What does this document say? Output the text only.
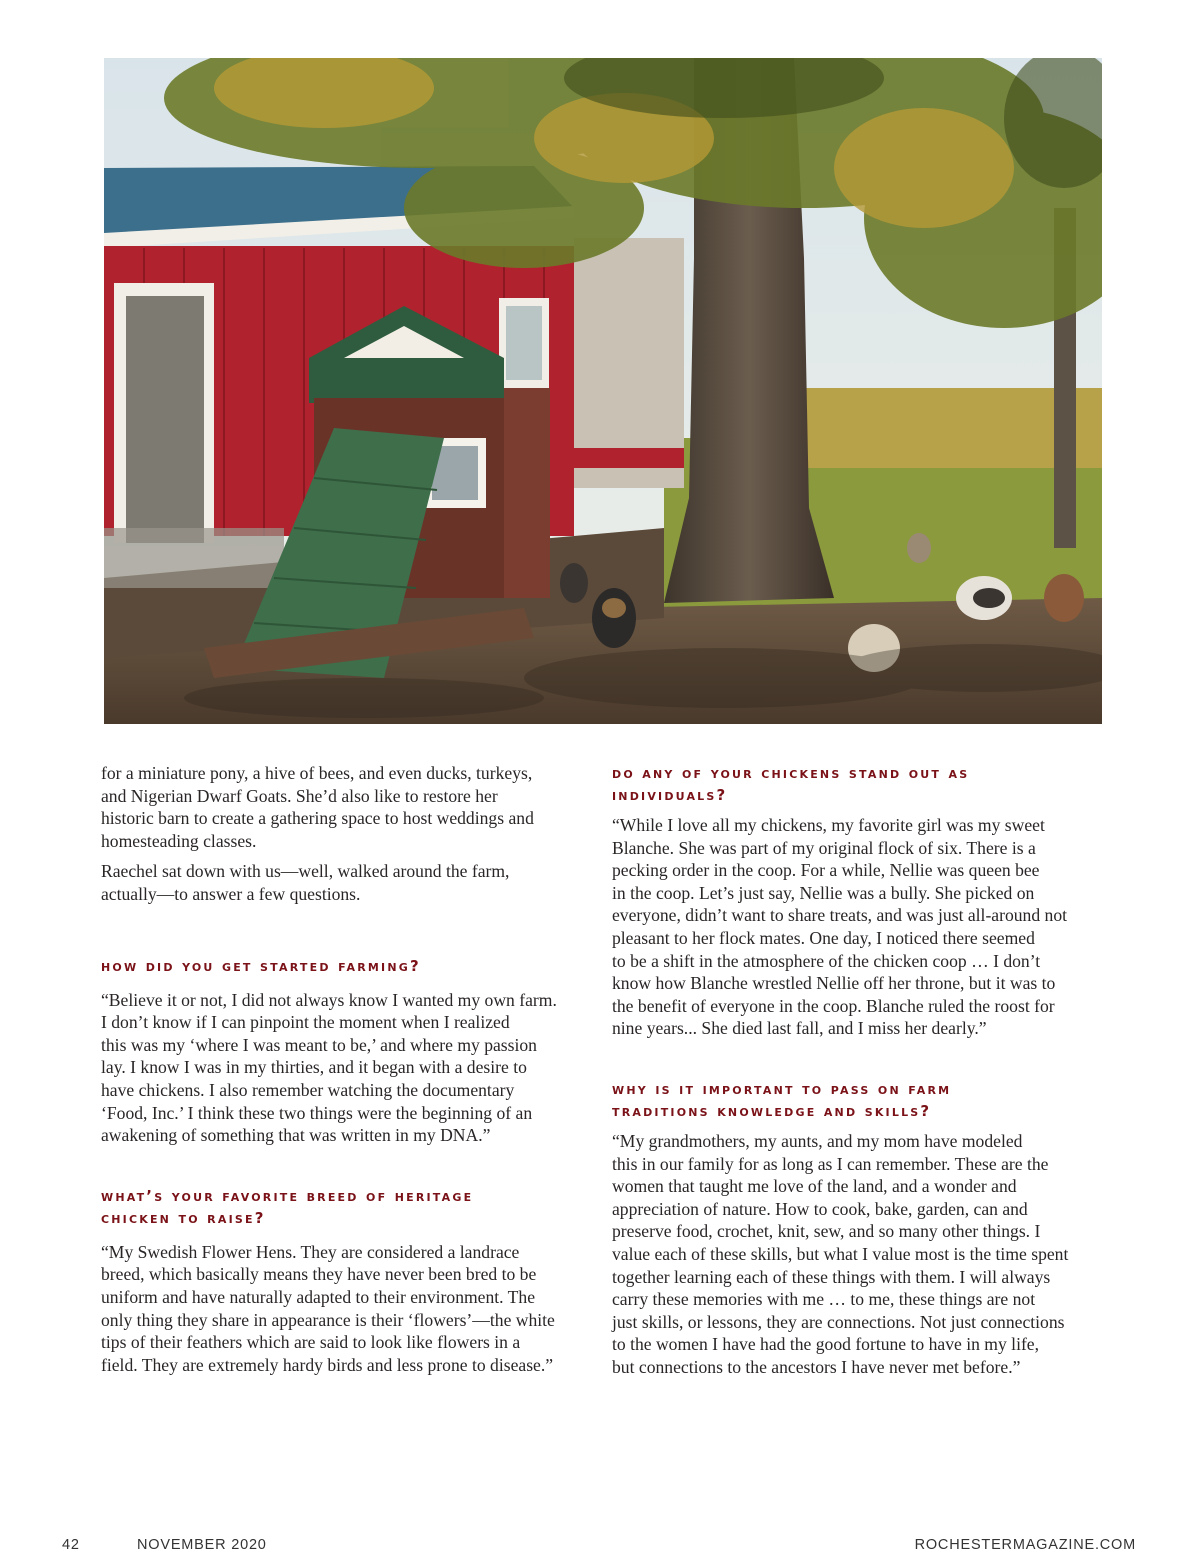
for a miniature pony, a hive of bees, and even ducks, turkeys,
and Nigerian Dwarf Goats. She’d also like to restore her
historic barn to create a gathering space to host weddings and
homesteading classes.

Raechel sat down with us—well, walked around the farm,
actually—to answer a few questions.

how did you get started farming?

“Believe it or not, I did not always know I wanted my own farm.
I don’t know if I can pinpoint the moment when I realized
this was my ‘where I was meant to be,’ and where my passion
lay. I know I was in my thirties, and it began with a desire to
have chickens. I also remember watching the documentary
‘Food, Inc.’ I think these two things were the beginning of an
awakening of something that was written in my DNA.”

what’s your favorite breed of heritage
chicken to raise?

“My Swedish Flower Hens. They are considered a landrace
breed, which basically means they have never been bred to be
uniform and have naturally adapted to their environment. The
only thing they share in appearance is their ‘flowers’—the white
tips of their feathers which are said to look like flowers in a
field. They are extremely hardy birds and less prone to disease.”

do any of your chickens stand out as
individuals?

“While I love all my chickens, my favorite girl was my sweet
Blanche. She was part of my original flock of six. There is a
pecking order in the coop. For a while, Nellie was queen bee
in the coop. Let’s just say, Nellie was a bully. She picked on
everyone, didn’t want to share treats, and was just all-around not
pleasant to her flock mates. One day, I noticed there seemed
to be a shift in the atmosphere of the chicken coop … I don’t
know how Blanche wrestled Nellie off her throne, but it was to
the benefit of everyone in the coop. Blanche ruled the roost for
nine years... She died last fall, and I miss her dearly.”

why is it important to pass on farm
traditions knowledge and skills?

“My grandmothers, my aunts, and my mom have modeled
this in our family for as long as I can remember. These are the
women that taught me love of the land, and a wonder and
appreciation of nature. How to cook, bake, garden, can and
preserve food, crochet, knit, sew, and so many other things. I
value each of these skills, but what I value most is the time spent
together learning each of these things with them. I will always
carry these memories with me … to me, these things are not
just skills, or lessons, they are connections. Not just connections
to the women I have had the good fortune to have in my life,
but connections to the ancestors I have never met before.”

42	NOVEMBER 2020	ROCHESTERMAGAZINE.COM
